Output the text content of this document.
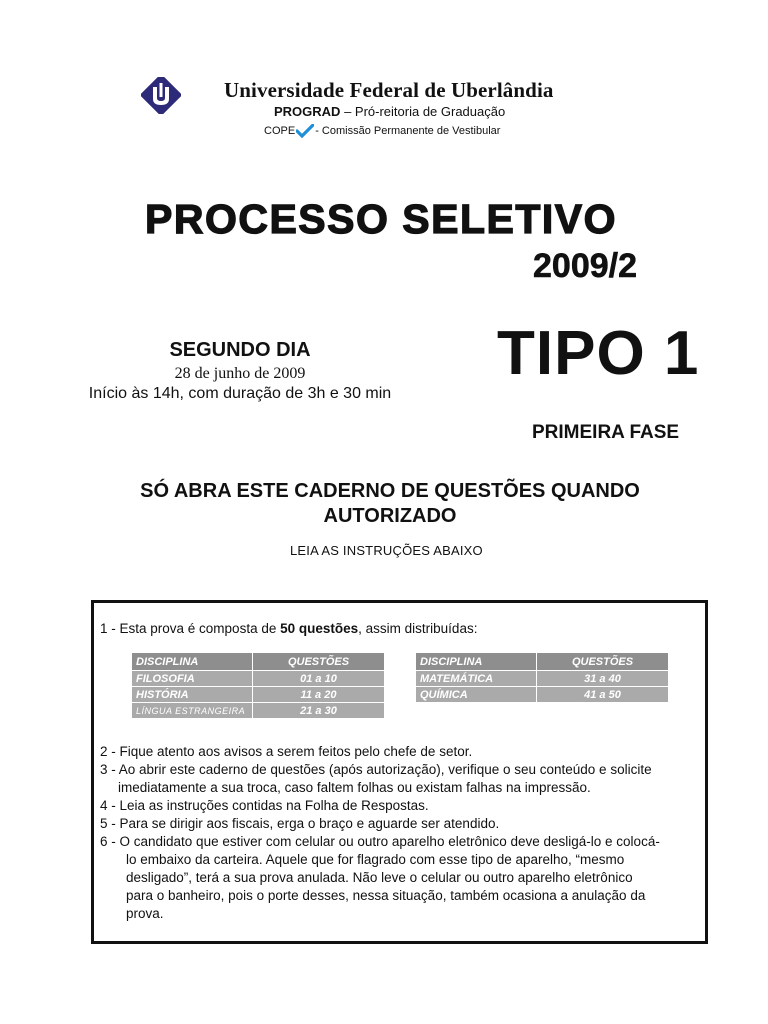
Universidade Federal de Uberlândia
PROGRAD – Pró-reitoria de Graduação
COPE - Comissão Permanente de Vestibular
PROCESSO SELETIVO
2009/2
SEGUNDO DIA
28 de junho de 2009
Início às 14h, com duração de 3h e 30 min
TIPO 1
PRIMEIRA FASE
SÓ ABRA ESTE CADERNO DE QUESTÕES QUANDO AUTORIZADO
LEIA AS INSTRUÇÕES ABAIXO
1 - Esta prova é composta de 50 questões, assim distribuídas:
DISCIPLINA	QUESTÕES
FILOSOFIA	01 a 10
HISTÓRIA	11 a 20
LÍNGUA ESTRANGEIRA	21 a 30
DISCIPLINA	QUESTÕES
MATEMÁTICA	31 a 40
QUÍMICA	41 a 50
2 - Fique atento aos avisos a serem feitos pelo chefe de setor.
3 - Ao abrir este caderno de questões (após autorização), verifique o seu conteúdo e solicite
imediatamente a sua troca, caso faltem folhas ou existam falhas na impressão.
4 - Leia as instruções contidas na Folha de Respostas.
5 - Para se dirigir aos fiscais, erga o braço e aguarde ser atendido.
6 - O candidato que estiver com celular ou outro aparelho eletrônico deve desligá-lo e colocá-
lo embaixo da carteira. Aquele que for flagrado com esse tipo de aparelho, “mesmo
desligado”, terá a sua prova anulada. Não leve o celular ou outro aparelho eletrônico
para o banheiro, pois o porte desses, nessa situação, também ocasiona a anulação da
prova.
